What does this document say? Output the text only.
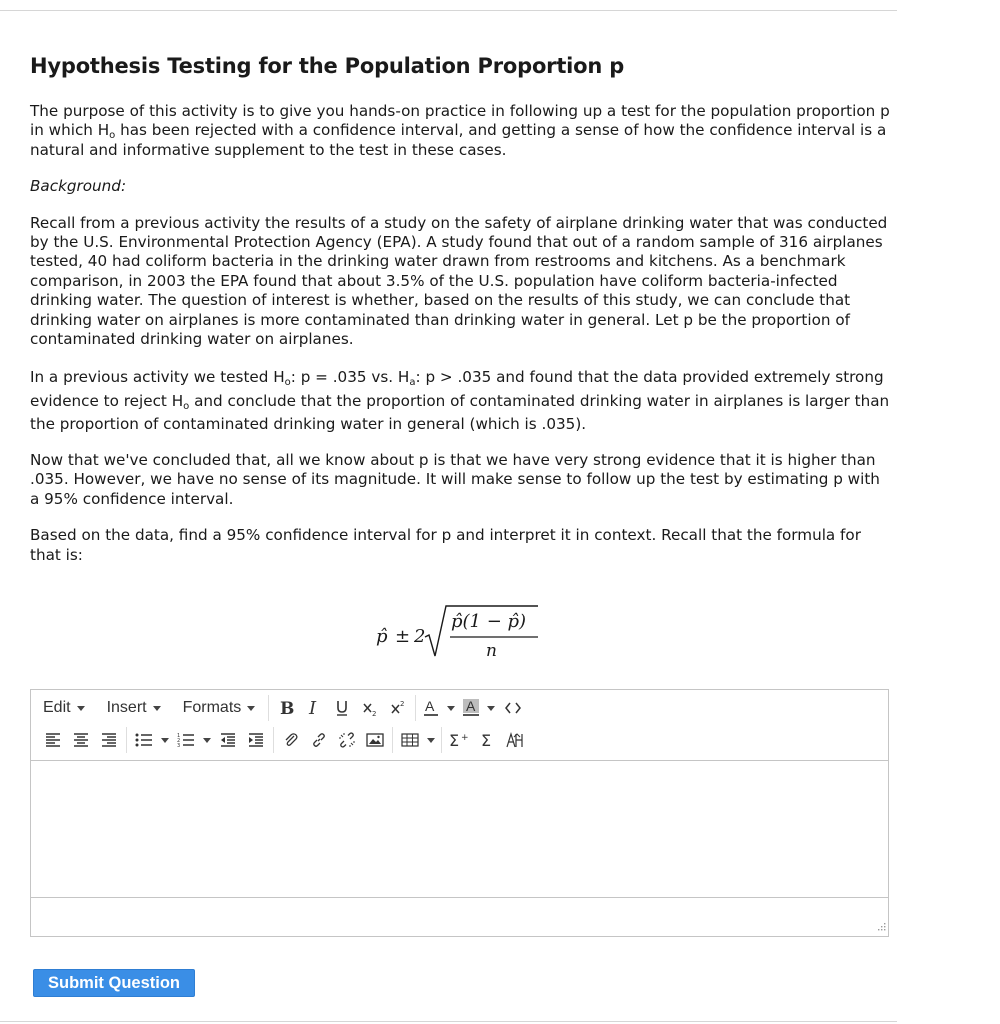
Hypothesis Testing for the Population Proportion p

The purpose of this activity is to give you hands-on practice in following up a test for the population proportion p in which $H_o$ has been rejected with a confidence interval, and getting a sense of how the confidence interval is a natural and informative supplement to the test in these cases.

Background:

Recall from a previous activity the results of a study on the safety of airplane drinking water that was conducted by the U.S. Environmental Protection Agency (EPA). A study found that out of a random sample of 316 airplanes tested, 40 had coliform bacteria in the drinking water drawn from restrooms and kitchens. As a benchmark comparison, in 2003 the EPA found that about 3.5% of the U.S. population have coliform bacteria-infected drinking water. The question of interest is whether, based on the results of this study, we can conclude that drinking water on airplanes is more contaminated than drinking water in general. Let p be the proportion of contaminated drinking water on airplanes.

In a previous activity we tested $H_o$: p = .035 vs. $H_a$: p > .035 and found that the data provided extremely strong evidence to reject $H_o$ and conclude that the proportion of contaminated drinking water in airplanes is larger than the proportion of contaminated drinking water in general (which is .035).

Now that we've concluded that, all we know about p is that we have very strong evidence that it is higher than .035. However, we have no sense of its magnitude. It will make sense to follow up the test by estimating p with a 95% confidence interval.

Based on the data, find a 95% confidence interval for p and interpret it in context. Recall that the formula for that is:

p̂ ± 2
p̂(1 − p̂)
n
Edit Insert Formats B I	2
2 A A
1
2
3	Σ + Σ
Submit Question
